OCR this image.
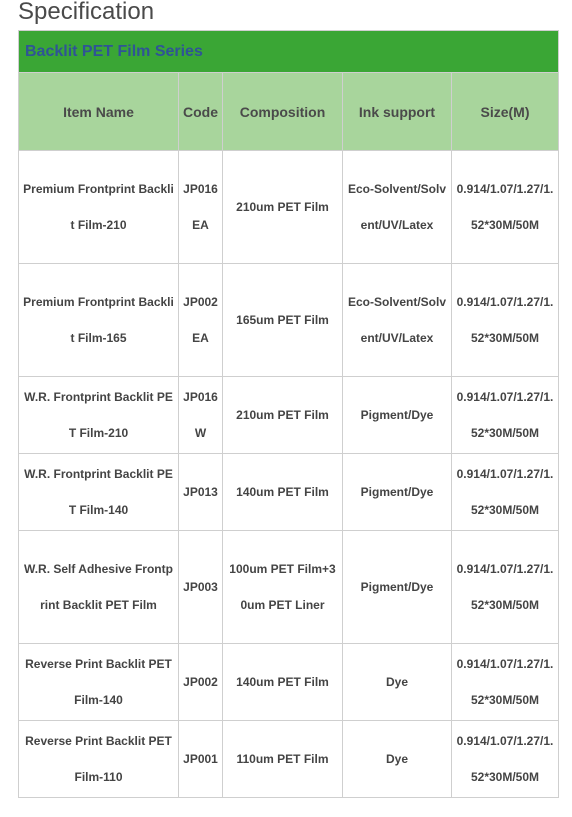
Specification
Backlit PET Film Series				
Item Name	Code	Composition	Ink support	Size(M)
Premium Frontprint Backlit Film-210	JP016EA	210um PET Film	Eco-Solvent/Solvent/UV/Latex	0.914/1.07/1.27/1.52*30M/50M
Premium Frontprint Backlit Film-165	JP002EA	165um PET Film	Eco-Solvent/Solvent/UV/Latex	0.914/1.07/1.27/1.52*30M/50M
W.R. Frontprint Backlit PET Film-210	JP016W	210um PET Film	Pigment/Dye	0.914/1.07/1.27/1.52*30M/50M
W.R. Frontprint Backlit PET Film-140	JP013	140um PET Film	Pigment/Dye	0.914/1.07/1.27/1.52*30M/50M
W.R. Self Adhesive Frontprint Backlit PET Film	JP003	100um PET Film+30um PET Liner	Pigment/Dye	0.914/1.07/1.27/1.52*30M/50M
Reverse Print Backlit PET Film-140	JP002	140um PET Film	Dye	0.914/1.07/1.27/1.52*30M/50M
Reverse Print Backlit PET Film-110	JP001	110um PET Film	Dye	0.914/1.07/1.27/1.52*30M/50M
